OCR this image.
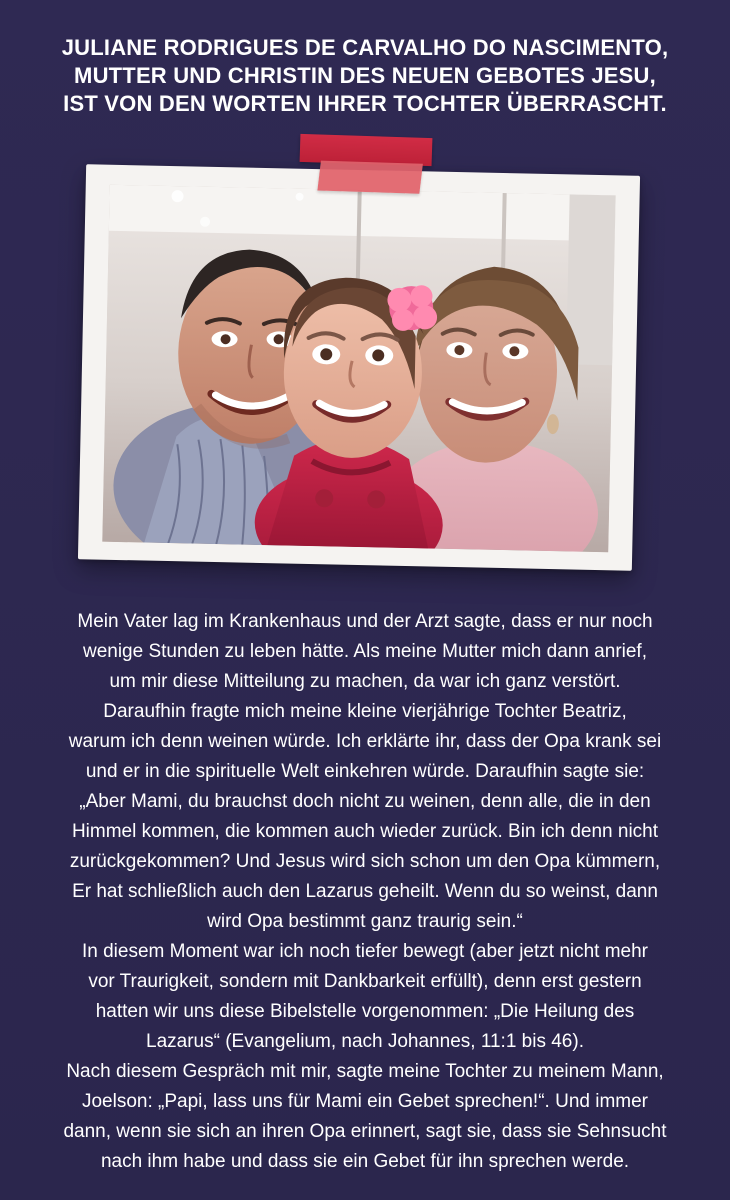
JULIANE RODRIGUES DE CARVALHO DO NASCIMENTO,
MUTTER UND CHRISTIN DES NEUEN GEBOTES JESU,
IST VON DEN WORTEN IHRER TOCHTER ÜBERRASCHT.

Mein Vater lag im Krankenhaus und der Arzt sagte, dass er nur noch

wenige Stunden zu leben hätte. Als meine Mutter mich dann anrief,

um mir diese Mitteilung zu machen, da war ich ganz verstört.

Daraufhin fragte mich meine kleine vierjährige Tochter Beatriz,

warum ich denn weinen würde. Ich erklärte ihr, dass der Opa krank sei

und er in die spirituelle Welt einkehren würde. Daraufhin sagte sie:

„Aber Mami, du brauchst doch nicht zu weinen, denn alle, die in den

Himmel kommen, die kommen auch wieder zurück. Bin ich denn nicht

zurückgekommen? Und Jesus wird sich schon um den Opa kümmern,

Er hat schließlich auch den Lazarus geheilt. Wenn du so weinst, dann

wird Opa bestimmt ganz traurig sein.“

In diesem Moment war ich noch tiefer bewegt (aber jetzt nicht mehr

vor Traurigkeit, sondern mit Dankbarkeit erfüllt), denn erst gestern

hatten wir uns diese Bibelstelle vorgenommen: „Die Heilung des

Lazarus“ (Evangelium, nach Johannes, 11:1 bis 46).

Nach diesem Gespräch mit mir, sagte meine Tochter zu meinem Mann,

Joelson: „Papi, lass uns für Mami ein Gebet sprechen!“. Und immer

dann, wenn sie sich an ihren Opa erinnert, sagt sie, dass sie Sehnsucht

nach ihm habe und dass sie ein Gebet für ihn sprechen werde.
